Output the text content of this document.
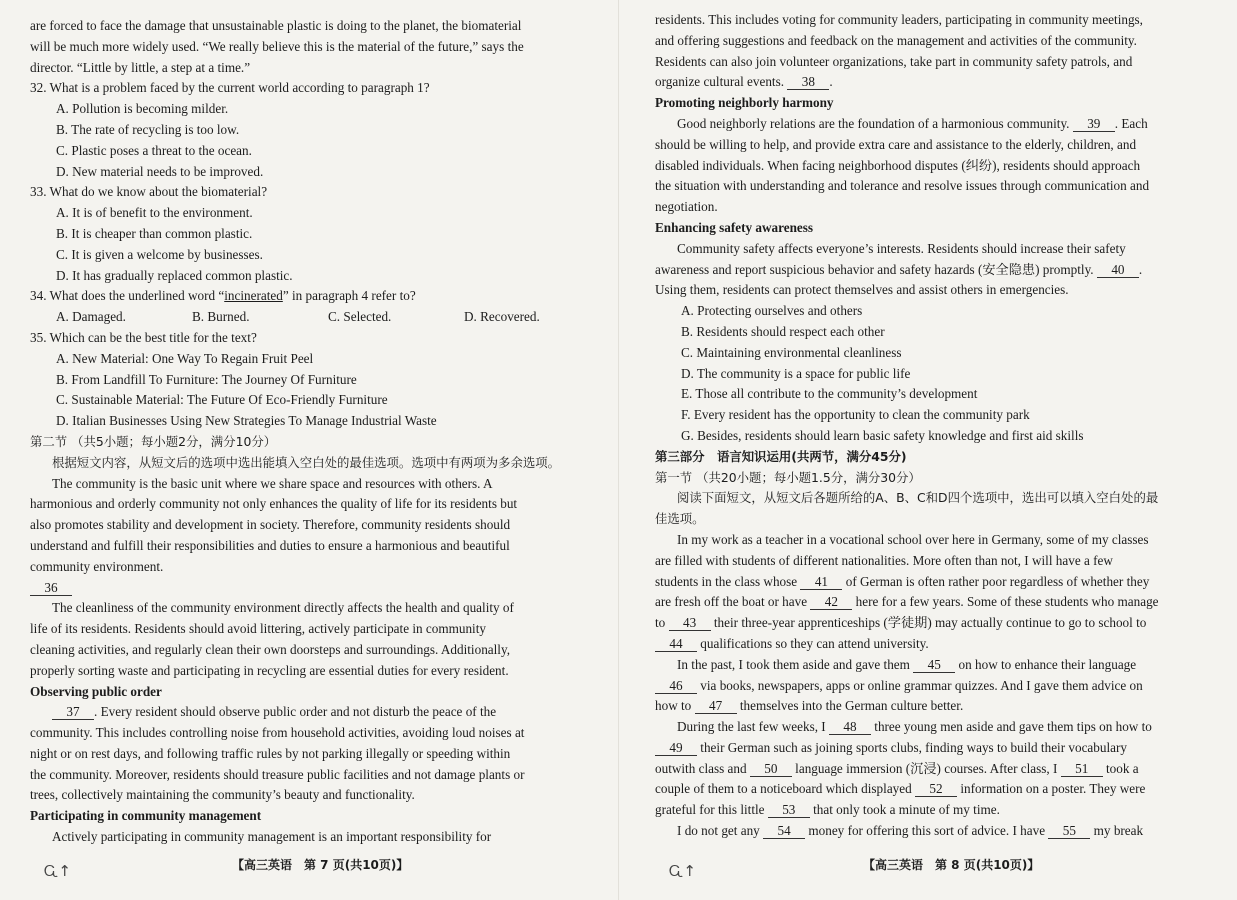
are forced to face the damage that unsustainable plastic is doing to the planet, the biomaterial
will be much more widely used. “We really believe this is the material of the future,” says the
director. “Little by little, a step at a time.”
32. What is a problem faced by the current world according to paragraph 1?
A. Pollution is becoming milder.
B. The rate of recycling is too low.
C. Plastic poses a threat to the ocean.
D. New material needs to be improved.
33. What do we know about the biomaterial?
A. It is of benefit to the environment.
B. It is cheaper than common plastic.
C. It is given a welcome by businesses.
D. It has gradually replaced common plastic.
34. What does the underlined word “incinerated” in paragraph 4 refer to?
A. Damaged.	B. Burned.	C. Selected.	D. Recovered.
35. Which can be the best title for the text?
A. New Material: One Way To Regain Fruit Peel
B. From Landfill To Furniture: The Journey Of Furniture
C. Sustainable Material: The Future Of Eco-Friendly Furniture
D. Italian Businesses Using New Strategies To Manage Industrial Waste
第二节 （共5小题；每小题2分，满分10分）
根据短文内容，从短文后的选项中选出能填入空白处的最佳选项。选项中有两项为多余选项。
The community is the basic unit where we share space and resources with others. A
harmonious and orderly community not only enhances the quality of life for its residents but
also promotes stability and development in society. Therefore, community residents should
understand and fulfill their responsibilities and duties to ensure a harmonious and beautiful
community environment.
36
The cleanliness of the community environment directly affects the health and quality of
life of its residents. Residents should avoid littering, actively participate in community
cleaning activities, and regularly clean their own doorsteps and surroundings. Additionally,
properly sorting waste and participating in recycling are essential duties for every resident.
Observing public order
37 . Every resident should observe public order and not disturb the peace of the
community. This includes controlling noise from household activities, avoiding loud noises at
night or on rest days, and following traffic rules by not parking illegally or speeding within
the community. Moreover, residents should treasure public facilities and not damage plants or
trees, collectively maintaining the community’s beauty and functionality.
Participating in community management
Actively participating in community management is an important responsibility for
Ꮹ↑	【高三英语　第 7 页(共10页)】
residents. This includes voting for community leaders, participating in community meetings,
and offering suggestions and feedback on the management and activities of the community.
Residents can also join volunteer organizations, take part in community safety patrols, and
organize cultural events. 38 .
Promoting neighborly harmony
Good neighborly relations are the foundation of a harmonious community. 39 . Each
should be willing to help, and provide extra care and assistance to the elderly, children, and
disabled individuals. When facing neighborhood disputes (纠纷), residents should approach
the situation with understanding and tolerance and resolve issues through communication and
negotiation.
Enhancing safety awareness
Community safety affects everyone’s interests. Residents should increase their safety
awareness and report suspicious behavior and safety hazards (安全隐患) promptly. 40 .
Using them, residents can protect themselves and assist others in emergencies.
A. Protecting ourselves and others
B. Residents should respect each other
C. Maintaining environmental cleanliness
D. The community is a space for public life
E. Those all contribute to the community’s development
F. Every resident has the opportunity to clean the community park
G. Besides, residents should learn basic safety knowledge and first aid skills
第三部分　语言知识运用(共两节，满分45分)
第一节 （共20小题；每小题1.5分，满分30分）
阅读下面短文，从短文后各题所给的A、B、C和D四个选项中，选出可以填入空白处的最
佳选项。
In my work as a teacher in a vocational school over here in Germany, some of my classes
are filled with students of different nationalities. More often than not, I will have a few
students in the class whose 41 of German is often rather poor regardless of whether they
are fresh off the boat or have 42 here for a few years. Some of these students who manage
to 43 their three-year apprenticeships (学徒期) may actually continue to go to school to
44 qualifications so they can attend university.
In the past, I took them aside and gave them 45 on how to enhance their language
46 via books, newspapers, apps or online grammar quizzes. And I gave them advice on
how to 47 themselves into the German culture better.
During the last few weeks, I 48 three young men aside and gave them tips on how to
49 their German such as joining sports clubs, finding ways to build their vocabulary
outwith class and 50 language immersion (沉浸) courses. After class, I 51 took a
couple of them to a noticeboard which displayed 52 information on a poster. They were
grateful for this little 53 that only took a minute of my time.
I do not get any 54 money for offering this sort of advice. I have 55 my break
Ꮹ↑	【高三英语　第 8 页(共10页)】
